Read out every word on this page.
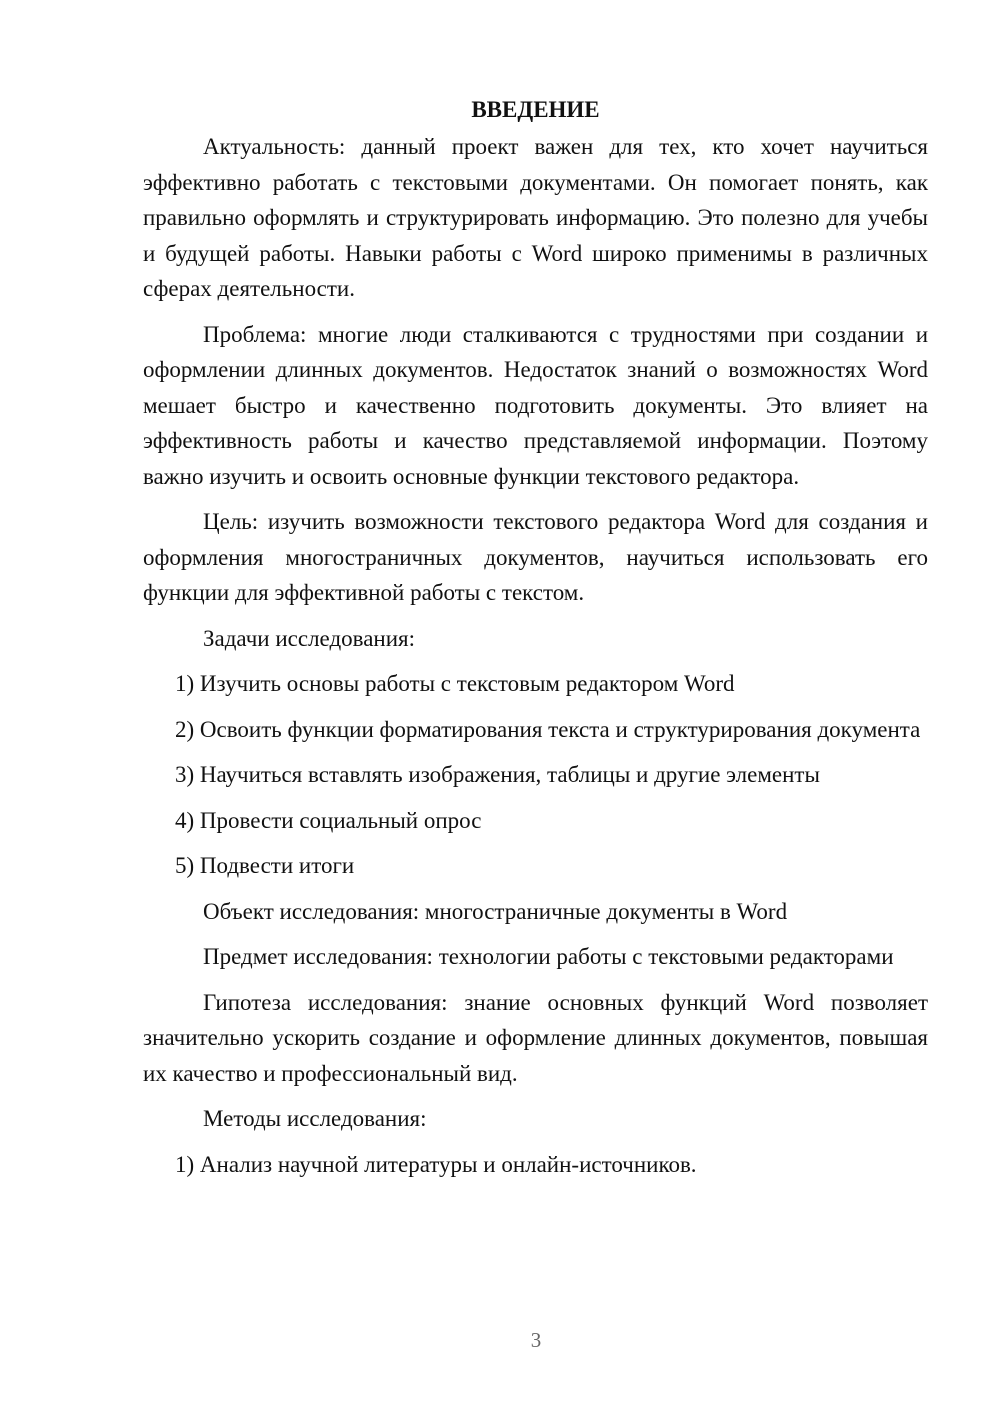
ВВЕДЕНИЕ

Актуальность: данный проект важен для тех, кто хочет научиться эффективно работать с текстовыми документами. Он помогает понять, как правильно оформлять и структурировать информацию. Это полезно для учебы и будущей работы. Навыки работы с Word широко применимы в различных сферах деятельности.

Проблема: многие люди сталкиваются с трудностями при создании и оформлении длинных документов. Недостаток знаний о возможностях Word мешает быстро и качественно подготовить документы. Это влияет на эффективность работы и качество представляемой информации. Поэтому важно изучить и освоить основные функции текстового редактора.

Цель: изучить возможности текстового редактора Word для создания и оформления многостраничных документов, научиться использовать его функции для эффективной работы с текстом.

Задачи исследования:

1) Изучить основы работы с текстовым редактором Word

2) Освоить функции форматирования текста и структурирования документа

3) Научиться вставлять изображения, таблицы и другие элементы

4) Провести социальный опрос

5) Подвести итоги

Объект исследования: многостраничные документы в Word

Предмет исследования: технологии работы с текстовыми редакторами

Гипотеза исследования: знание основных функций Word позволяет значительно ускорить создание и оформление длинных документов, повышая их качество и профессиональный вид.

Методы исследования:

1) Анализ научной литературы и онлайн-источников.

3
